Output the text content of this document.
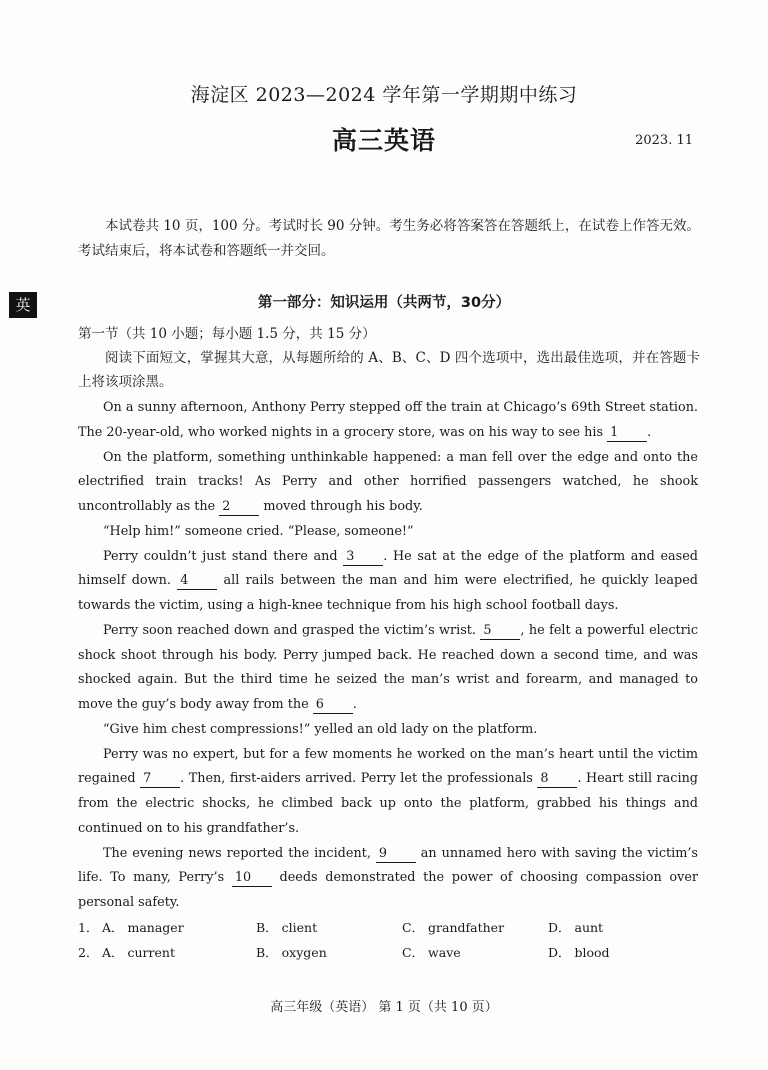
海淀区 2023—2024 学年第一学期期中练习
高三英语	2023. 11
本试卷共 10 页，100 分。考试时长 90 分钟。考生务必将答案答在答题纸上，在试卷上作答无效。考试结束后，将本试卷和答题纸一并交回。
英	第一部分：知识运用（共两节，30分）
第一节（共 10 小题；每小题 1.5 分，共 15 分）
阅读下面短文，掌握其大意，从每题所给的 A、B、C、D 四个选项中，选出最佳选项，并在答题卡上将该项涂黑。

On a sunny afternoon, Anthony Perry stepped off the train at Chicago’s 69th Street station. The 20-year-old, who worked nights in a grocery store, was on his way to see his 1 .

On the platform, something unthinkable happened: a man fell over the edge and onto the electrified train tracks! As Perry and other horrified passengers watched, he shook uncontrollably as the 2 moved through his body.

“Help him!” someone cried. “Please, someone!”

Perry couldn’t just stand there and 3 . He sat at the edge of the platform and eased himself down. 4 all rails between the man and him were electrified, he quickly leaped towards the victim, using a high-knee technique from his high school football days.

Perry soon reached down and grasped the victim’s wrist. 5 , he felt a powerful electric shock shoot through his body. Perry jumped back. He reached down a second time, and was shocked again. But the third time he seized the man’s wrist and forearm, and managed to move the guy’s body away from the 6 .

“Give him chest compressions!” yelled an old lady on the platform.

Perry was no expert, but for a few moments he worked on the man’s heart until the victim regained 7 . Then, first-aiders arrived. Perry let the professionals 8 . Heart still racing from the electric shocks, he climbed back up onto the platform, grabbed his things and continued on to his grandfather’s.

The evening news reported the incident, 9 an unnamed hero with saving the victim’s life. To many, Perry’s 10 deeds demonstrated the power of choosing compassion over personal safety.

1． A． manager	B． client	C． grandfather	D． aunt
2． A． current	B． oxygen	C． wave	D． blood
高三年级（英语） 第 1 页（共 10 页）
